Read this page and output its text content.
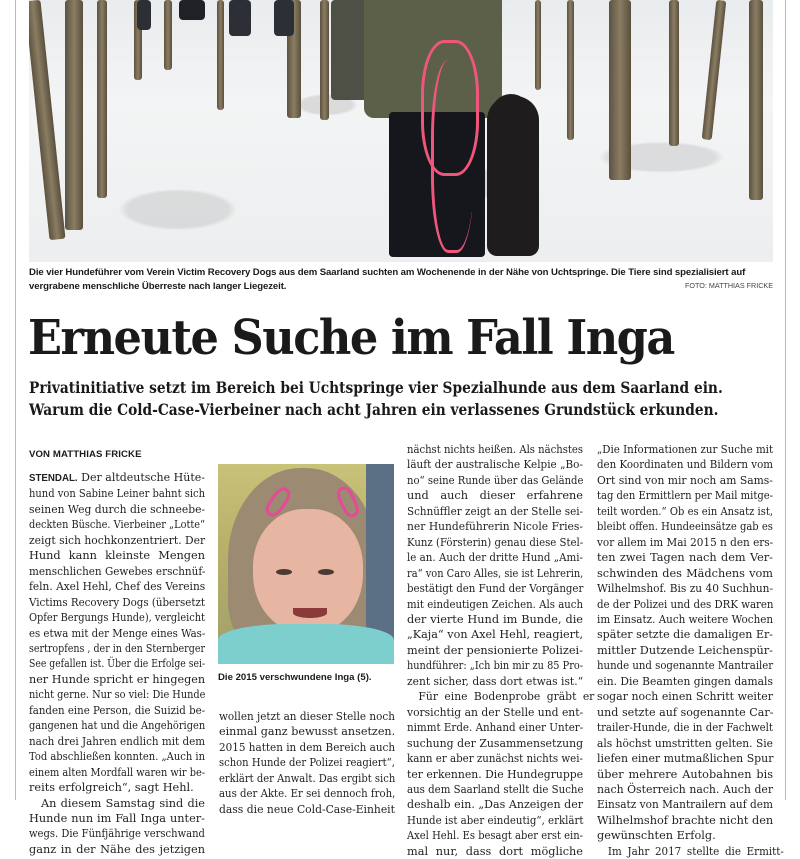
Die vier Hundeführer vom Verein Victim Recovery Dogs aus dem Saarland suchten am Wochenende in der Nähe von Uchtspringe. Die Tiere sind spezialisiert auf
vergrabene menschliche Überreste nach langer Liegezeit.	FOTO: MATTHIAS FRICKE
Erneute Suche im Fall Inga
Privatinitiative setzt im Bereich bei Uchtspringe vier Spezialhunde aus dem Saarland ein.
Warum die Cold-Case-Vierbeiner nach acht Jahren ein verlassenes Grundstück erkunden.
VON MATTHIAS FRICKE
STENDAL. Der altdeutsche Hüte-
hund von Sabine Leiner bahnt sich
seinen Weg durch die schneebe-
deckten Büsche. Vierbeiner „Lotte“
zeigt sich hochkonzentriert. Der
Hund kann kleinste Mengen
menschlichen Gewebes erschnüf-
feln. Axel Hehl, Chef des Vereins
Victims Recovery Dogs (übersetzt
Opfer Bergungs Hunde), vergleicht
es etwa mit der Menge eines Was-
sertropfens , der in den Sternberger
See gefallen ist. Über die Erfolge sei-
ner Hunde spricht er hingegen
nicht gerne. Nur so viel: Die Hunde
fanden eine Person, die Suizid be-
gangenen hat und die Angehörigen
nach drei Jahren endlich mit dem
Tod abschließen konnten. „Auch in
einem alten Mordfall waren wir be-
reits erfolgreich“, sagt Hehl.
An diesem Samstag sind die
Hunde nun im Fall Inga unter-
wegs. Die Fünfjährige verschwand
ganz in der Nähe des jetzigen
Die 2015 verschwundene Inga (5).
wollen jetzt an dieser Stelle noch
einmal ganz bewusst ansetzen.
2015 hatten in dem Bereich auch
schon Hunde der Polizei reagiert“,
erklärt der Anwalt. Das ergibt sich
aus der Akte. Er sei dennoch froh,
dass die neue Cold-Case-Einheit
nächst nichts heißen. Als nächstes
läuft der australische Kelpie „Bo-
no“ seine Runde über das Gelände
und auch dieser erfahrene
Schnüffler zeigt an der Stelle sei-
ner Hundeführerin Nicole Fries-
Kunz (Försterin) genau diese Stel-
le an. Auch der dritte Hund „Ami-
ra“ von Caro Alles, sie ist Lehrerin,
bestätigt den Fund der Vorgänger
mit eindeutigen Zeichen. Als auch
der vierte Hund im Bunde, die
„Kaja“ von Axel Hehl, reagiert,
meint der pensionierte Polizei-
hundführer: „Ich bin mir zu 85 Pro-
zent sicher, dass dort etwas ist.“
Für eine Bodenprobe gräbt er
vorsichtig an der Stelle und ent-
nimmt Erde. Anhand einer Unter-
suchung der Zusammensetzung
kann er aber zunächst nichts wei-
ter erkennen. Die Hundegruppe
aus dem Saarland stellt die Suche
deshalb ein. „Das Anzeigen der
Hunde ist aber eindeutig“, erklärt
Axel Hehl. Es besagt aber erst ein-
mal nur, dass dort mögliche
„Die Informationen zur Suche mit
den Koordinaten und Bildern vom
Ort sind von mir noch am Sams-
tag den Ermittlern per Mail mitge-
teilt worden.“ Ob es ein Ansatz ist,
bleibt offen. Hundeeinsätze gab es
vor allem im Mai 2015 n den ers-
ten zwei Tagen nach dem Ver-
schwinden des Mädchens vom
Wilhelmshof. Bis zu 40 Suchhun-
de der Polizei und des DRK waren
im Einsatz. Auch weitere Wochen
später setzte die damaligen Er-
mittler Dutzende Leichenspür-
hunde und sogenannte Mantrailer
ein. Die Beamten gingen damals
sogar noch einen Schritt weiter
und setzte auf sogenannte Car-
trailer-Hunde, die in der Fachwelt
als höchst umstritten gelten. Sie
liefen einer mutmaßlichen Spur
über mehrere Autobahnen bis
nach Österreich nach. Auch der
Einsatz von Mantrailern auf dem
Wilhelmshof brachte nicht den
gewünschten Erfolg.
Im Jahr 2017 stellte die Ermitt-
